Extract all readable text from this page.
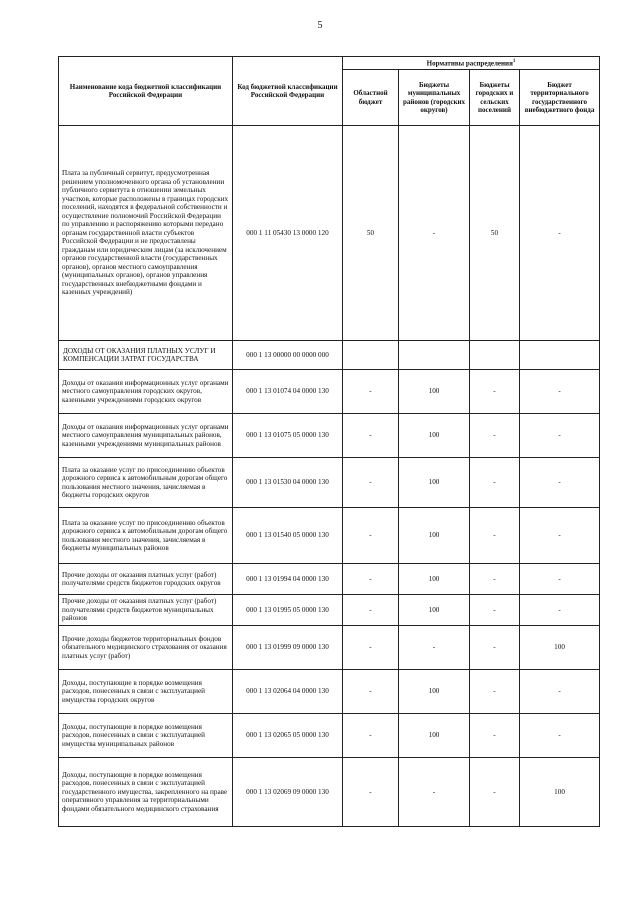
5
Наименование кода бюджетной классификации Российской Федерации	Код бюджетной классификации Российской Федерации	Нормативы распределения$^1$
		Областной бюджет	Бюджеты муниципальных районов (городских округов)	Бюджеты городских и сельских поселений	Бюджет территориального государственного внебюджетного фонда
Плата за публичный сервитут, предусмотренная решением уполномоченного органа об установлении публичного сервитута в отношении земельных участков, которые расположены в границах городских поселений, находятся в федеральной собственности и осуществление полномочий Российской Федерации по управлению и распоряжению которыми передано органам государственной власти субъектов Российской Федерации и не предоставлены гражданам или юридическим лицам (за исключением органов государственной власти (государственных органов), органов местного самоуправления (муниципальных органов), органов управления государственных внебюджетными фондами и казенных учреждений)	000 1 11 05430 13 0000 120	50	-	50	-
ДОХОДЫ ОТ ОКАЗАНИЯ ПЛАТНЫХ УСЛУГ И КОМПЕНСАЦИИ ЗАТРАТ ГОСУДАРСТВА	000 1 13 00000 00 0000 000				
Доходы от оказания информационных услуг органами местного самоуправления городских округов, казенными учреждениями городских округов	000 1 13 01074 04 0000 130	-	100	-	-
Доходы от оказания информационных услуг органами местного самоуправления муниципальных районов, казенными учреждениями муниципальных районов	000 1 13 01075 05 0000 130	-	100	-	-
Плата за оказание услуг по присоединению объектов дорожного сервиса к автомобильным дорогам общего пользования местного значения, зачисляемая в бюджеты городских округов	000 1 13 01530 04 0000 130	-	100	-	-
Плата за оказание услуг по присоединению объектов дорожного сервиса к автомобильным дорогам общего пользования местного значения, зачисляемая в бюджеты муниципальных районов	000 1 13 01540 05 0000 130	-	100	-	-
Прочие доходы от оказания платных услуг (работ) получателями средств бюджетов городских округов	000 1 13 01994 04 0000 130	-	100	-	-
Прочие доходы от оказания платных услуг (работ) получателями средств бюджетов муниципальных районов	000 1 13 01995 05 0000 130	-	100	-	-
Прочие доходы бюджетов территориальных фондов обязательного медицинского страхования от оказания платных услуг (работ)	000 1 13 01999 09 0000 130	-	-	-	100
Доходы, поступающие в порядке возмещения расходов, понесенных в связи с эксплуатацией имущества городских округов	000 1 13 02064 04 0000 130	-	100	-	-
Доходы, поступающие в порядке возмещения расходов, понесенных в связи с эксплуатацией имущества муниципальных районов	000 1 13 02065 05 0000 130	-	100	-	-
Доходы, поступающие в порядке возмещения расходов, понесенных в связи с эксплуатацией государственного имущества, закрепленного на праве оперативного управления за территориальными фондами обязательного медицинского страхования	000 1 13 02069 09 0000 130	-	-	-	100
